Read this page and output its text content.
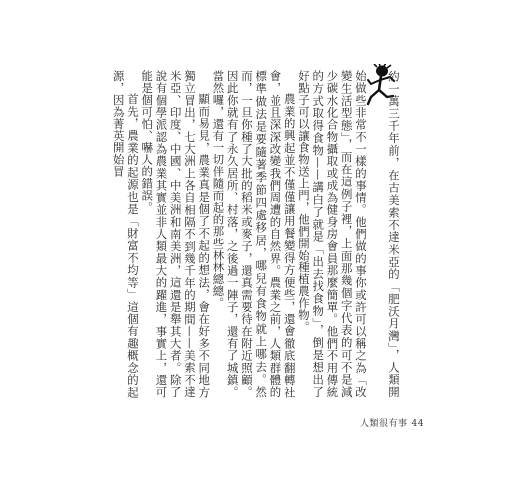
約一萬三千年前，在古美索不達米亞的「肥沃月灣」，人類開始做些非常不一樣的事情。他們做的事你或許可以稱之為「改變生活型態」，而在這例子裡，上面那幾個字代表的可不是減少碳水化合物攝取或成為健身房會員那麼簡單。他們不用傳統的方式取得食物——講白了就是「出去找食物」，倒是想出了好點子可以讓食物送上門，他們開始種植農作物。

農業的興起並不僅僅讓用餐變得方便些，還會徹底翻轉社會，並且深深改變我們周遭的自然界。農業之前，人類群體的標準做法是要隨著季節四處移居，哪兒有食物就上哪去。然而，一旦你種了大批的稻米或麥子，還真需要待在附近照顧。因此你就有了永久居所、村落，之後過一陣子，還有了城鎮。當然囉，還有一切伴隨而起的那些林林總總。

顯而易見，農業真是個了不起的想法，會在好多不同地方獨立冒出，七大洲上各自相隔不到幾千年的期間——美索不達米亞、印度、中國、中美洲和南美洲，這還是舉其大者。除了說有個學派認為農業其實並非人類最大的躍進，事實上，還可能是個可怕、嚇人的錯誤。

首先，農業的起源也是「財富不均等」這個有趣概念的起源，因為菁英開始冒

人類很有事 44
